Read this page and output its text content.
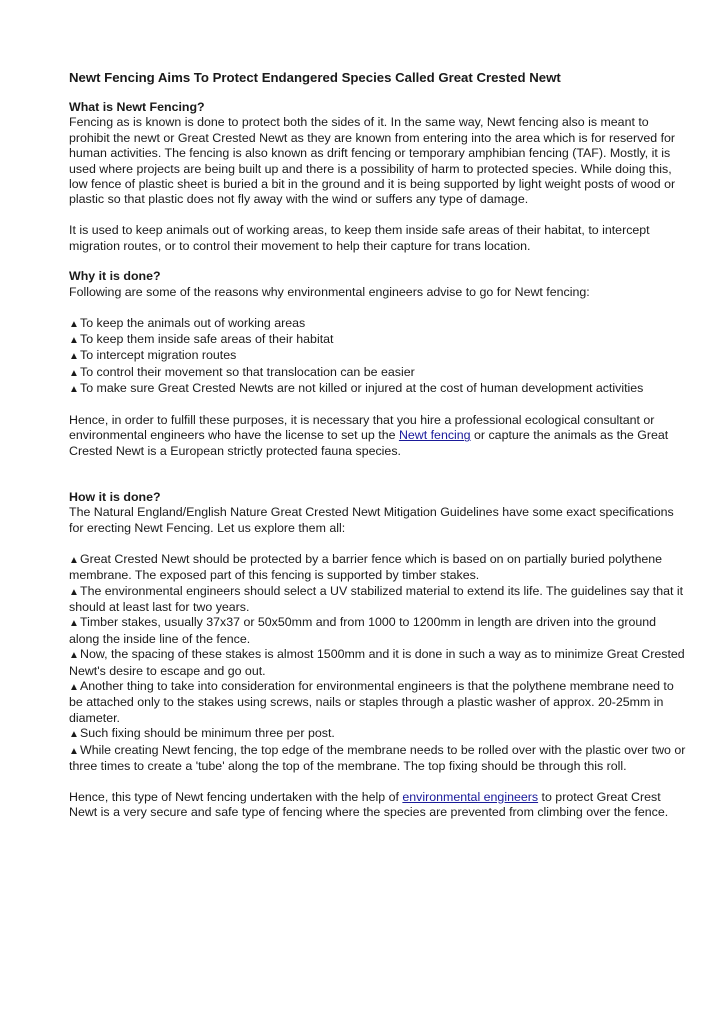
Newt Fencing Aims To Protect Endangered Species Called Great Crested Newt

What is Newt Fencing?

Fencing as is known is done to protect both the sides of it. In the same way, Newt fencing also is meant to prohibit the newt or Great Crested Newt as they are known from entering into the area which is for reserved for human activities. The fencing is also known as drift fencing or temporary amphibian fencing (TAF). Mostly, it is used where projects are being built up and there is a possibility of harm to protected species. While doing this, low fence of plastic sheet is buried a bit in the ground and it is being supported by light weight posts of wood or plastic so that plastic does not fly away with the wind or suffers any type of damage.

It is used to keep animals out of working areas, to keep them inside safe areas of their habitat, to intercept migration routes, or to control their movement to help their capture for trans location.

Why it is done?

Following are some of the reasons why environmental engineers advise to go for Newt fencing:

▲To keep the animals out of working areas

▲To keep them inside safe areas of their habitat

▲To intercept migration routes

▲To control their movement so that translocation can be easier

▲To make sure Great Crested Newts are not killed or injured at the cost of human development activities

Hence, in order to fulfill these purposes, it is necessary that you hire a professional ecological consultant or environmental engineers who have the license to set up the Newt fencing or capture the animals as the Great Crested Newt is a European strictly protected fauna species.

How it is done?

The Natural England/English Nature Great Crested Newt Mitigation Guidelines have some exact specifications for erecting Newt Fencing. Let us explore them all:

▲Great Crested Newt should be protected by a barrier fence which is based on on partially buried polythene membrane. The exposed part of this fencing is supported by timber stakes.

▲The environmental engineers should select a UV stabilized material to extend its life. The guidelines say that it should at least last for two years.

▲Timber stakes, usually 37x37 or 50x50mm and from 1000 to 1200mm in length are driven into the ground along the inside line of the fence.

▲Now, the spacing of these stakes is almost 1500mm and it is done in such a way as to minimize Great Crested Newt's desire to escape and go out.

▲Another thing to take into consideration for environmental engineers is that the polythene membrane need to be attached only to the stakes using screws, nails or staples through a plastic washer of approx. 20-25mm in diameter.

▲Such fixing should be minimum three per post.

▲While creating Newt fencing, the top edge of the membrane needs to be rolled over with the plastic over two or three times to create a 'tube' along the top of the membrane. The top fixing should be through this roll.

Hence, this type of Newt fencing undertaken with the help of environmental engineers to protect Great Crest Newt is a very secure and safe type of fencing where the species are prevented from climbing over the fence.
